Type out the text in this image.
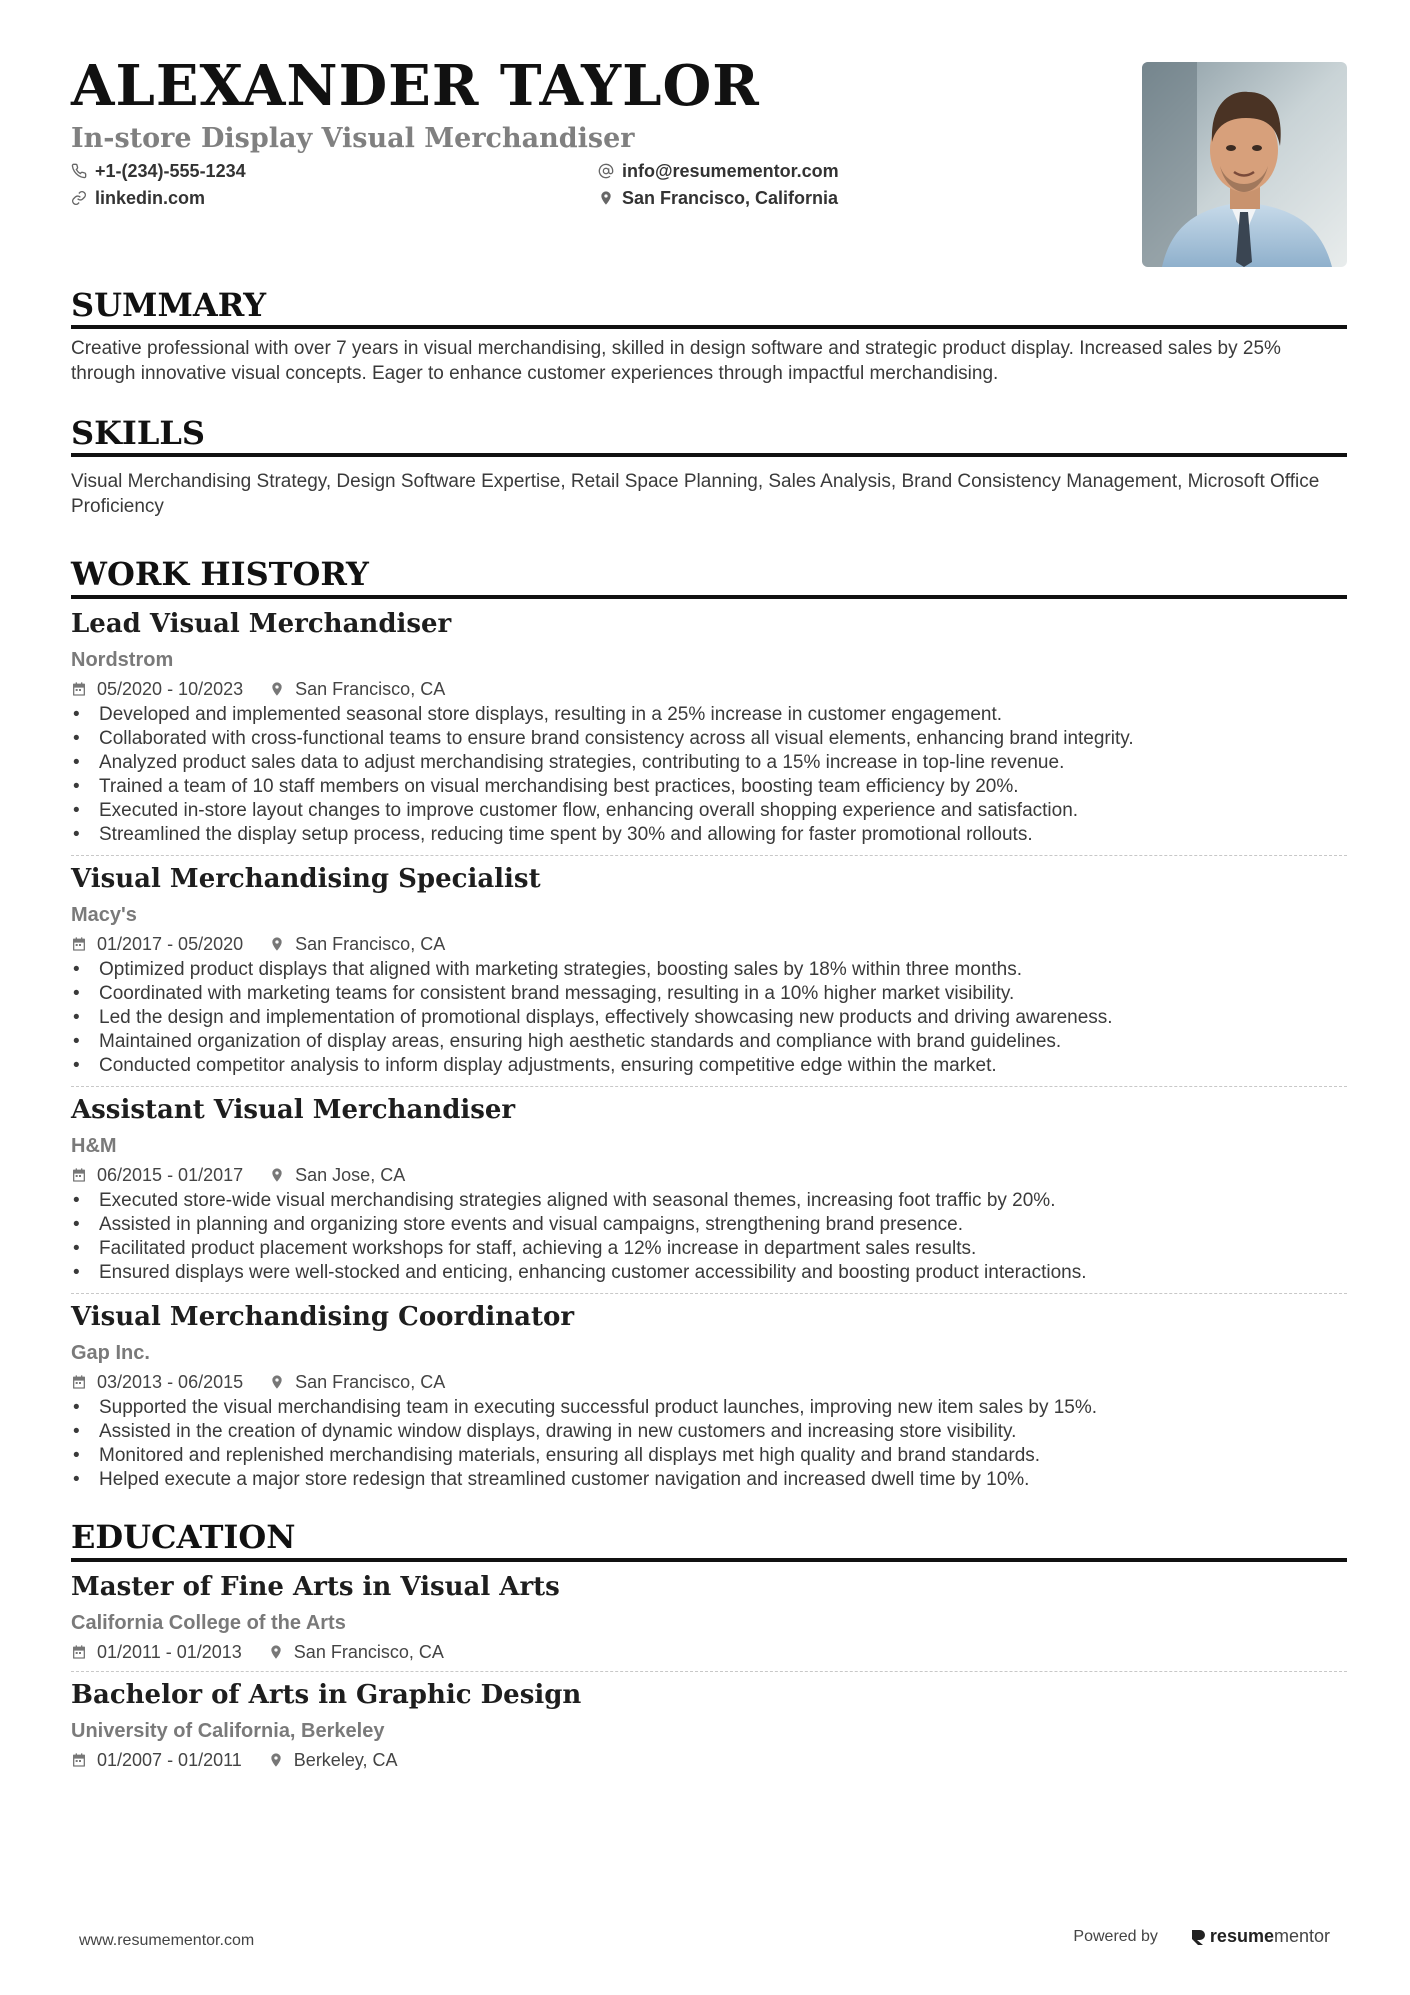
ALEXANDER TAYLOR
In-store Display Visual Merchandiser
+1-(234)-555-1234
linkedin.com
info@resumementor.com
San Francisco, California
SUMMARY

Creative professional with over 7 years in visual merchandising, skilled in design software and strategic product display. Increased sales by 25% through innovative visual concepts. Eager to enhance customer experiences through impactful merchandising.

SKILLS

Visual Merchandising Strategy, Design Software Expertise, Retail Space Planning, Sales Analysis, Brand Consistency Management, Microsoft Office Proficiency

WORK HISTORY
Lead Visual Merchandiser
Nordstrom
05/2020 - 10/2023	San Francisco, CA
• Developed and implemented seasonal store displays, resulting in a 25% increase in customer engagement.
• Collaborated with cross-functional teams to ensure brand consistency across all visual elements, enhancing brand integrity.
• Analyzed product sales data to adjust merchandising strategies, contributing to a 15% increase in top-line revenue.
• Trained a team of 10 staff members on visual merchandising best practices, boosting team efficiency by 20%.
• Executed in-store layout changes to improve customer flow, enhancing overall shopping experience and satisfaction.
• Streamlined the display setup process, reducing time spent by 30% and allowing for faster promotional rollouts.
Visual Merchandising Specialist
Macy's
01/2017 - 05/2020	San Francisco, CA
• Optimized product displays that aligned with marketing strategies, boosting sales by 18% within three months.
• Coordinated with marketing teams for consistent brand messaging, resulting in a 10% higher market visibility.
• Led the design and implementation of promotional displays, effectively showcasing new products and driving awareness.
• Maintained organization of display areas, ensuring high aesthetic standards and compliance with brand guidelines.
• Conducted competitor analysis to inform display adjustments, ensuring competitive edge within the market.
Assistant Visual Merchandiser
H&M
06/2015 - 01/2017	San Jose, CA
• Executed store-wide visual merchandising strategies aligned with seasonal themes, increasing foot traffic by 20%.
• Assisted in planning and organizing store events and visual campaigns, strengthening brand presence.
• Facilitated product placement workshops for staff, achieving a 12% increase in department sales results.
• Ensured displays were well-stocked and enticing, enhancing customer accessibility and boosting product interactions.
Visual Merchandising Coordinator
Gap Inc.
03/2013 - 06/2015	San Francisco, CA
• Supported the visual merchandising team in executing successful product launches, improving new item sales by 15%.
• Assisted in the creation of dynamic window displays, drawing in new customers and increasing store visibility.
• Monitored and replenished merchandising materials, ensuring all displays met high quality and brand standards.
• Helped execute a major store redesign that streamlined customer navigation and increased dwell time by 10%.
EDUCATION
Master of Fine Arts in Visual Arts
California College of the Arts
01/2011 - 01/2013	San Francisco, CA
Bachelor of Arts in Graphic Design
University of California, Berkeley
01/2007 - 01/2011	Berkeley, CA
www.resumementor.com	Powered by	resume mentor
